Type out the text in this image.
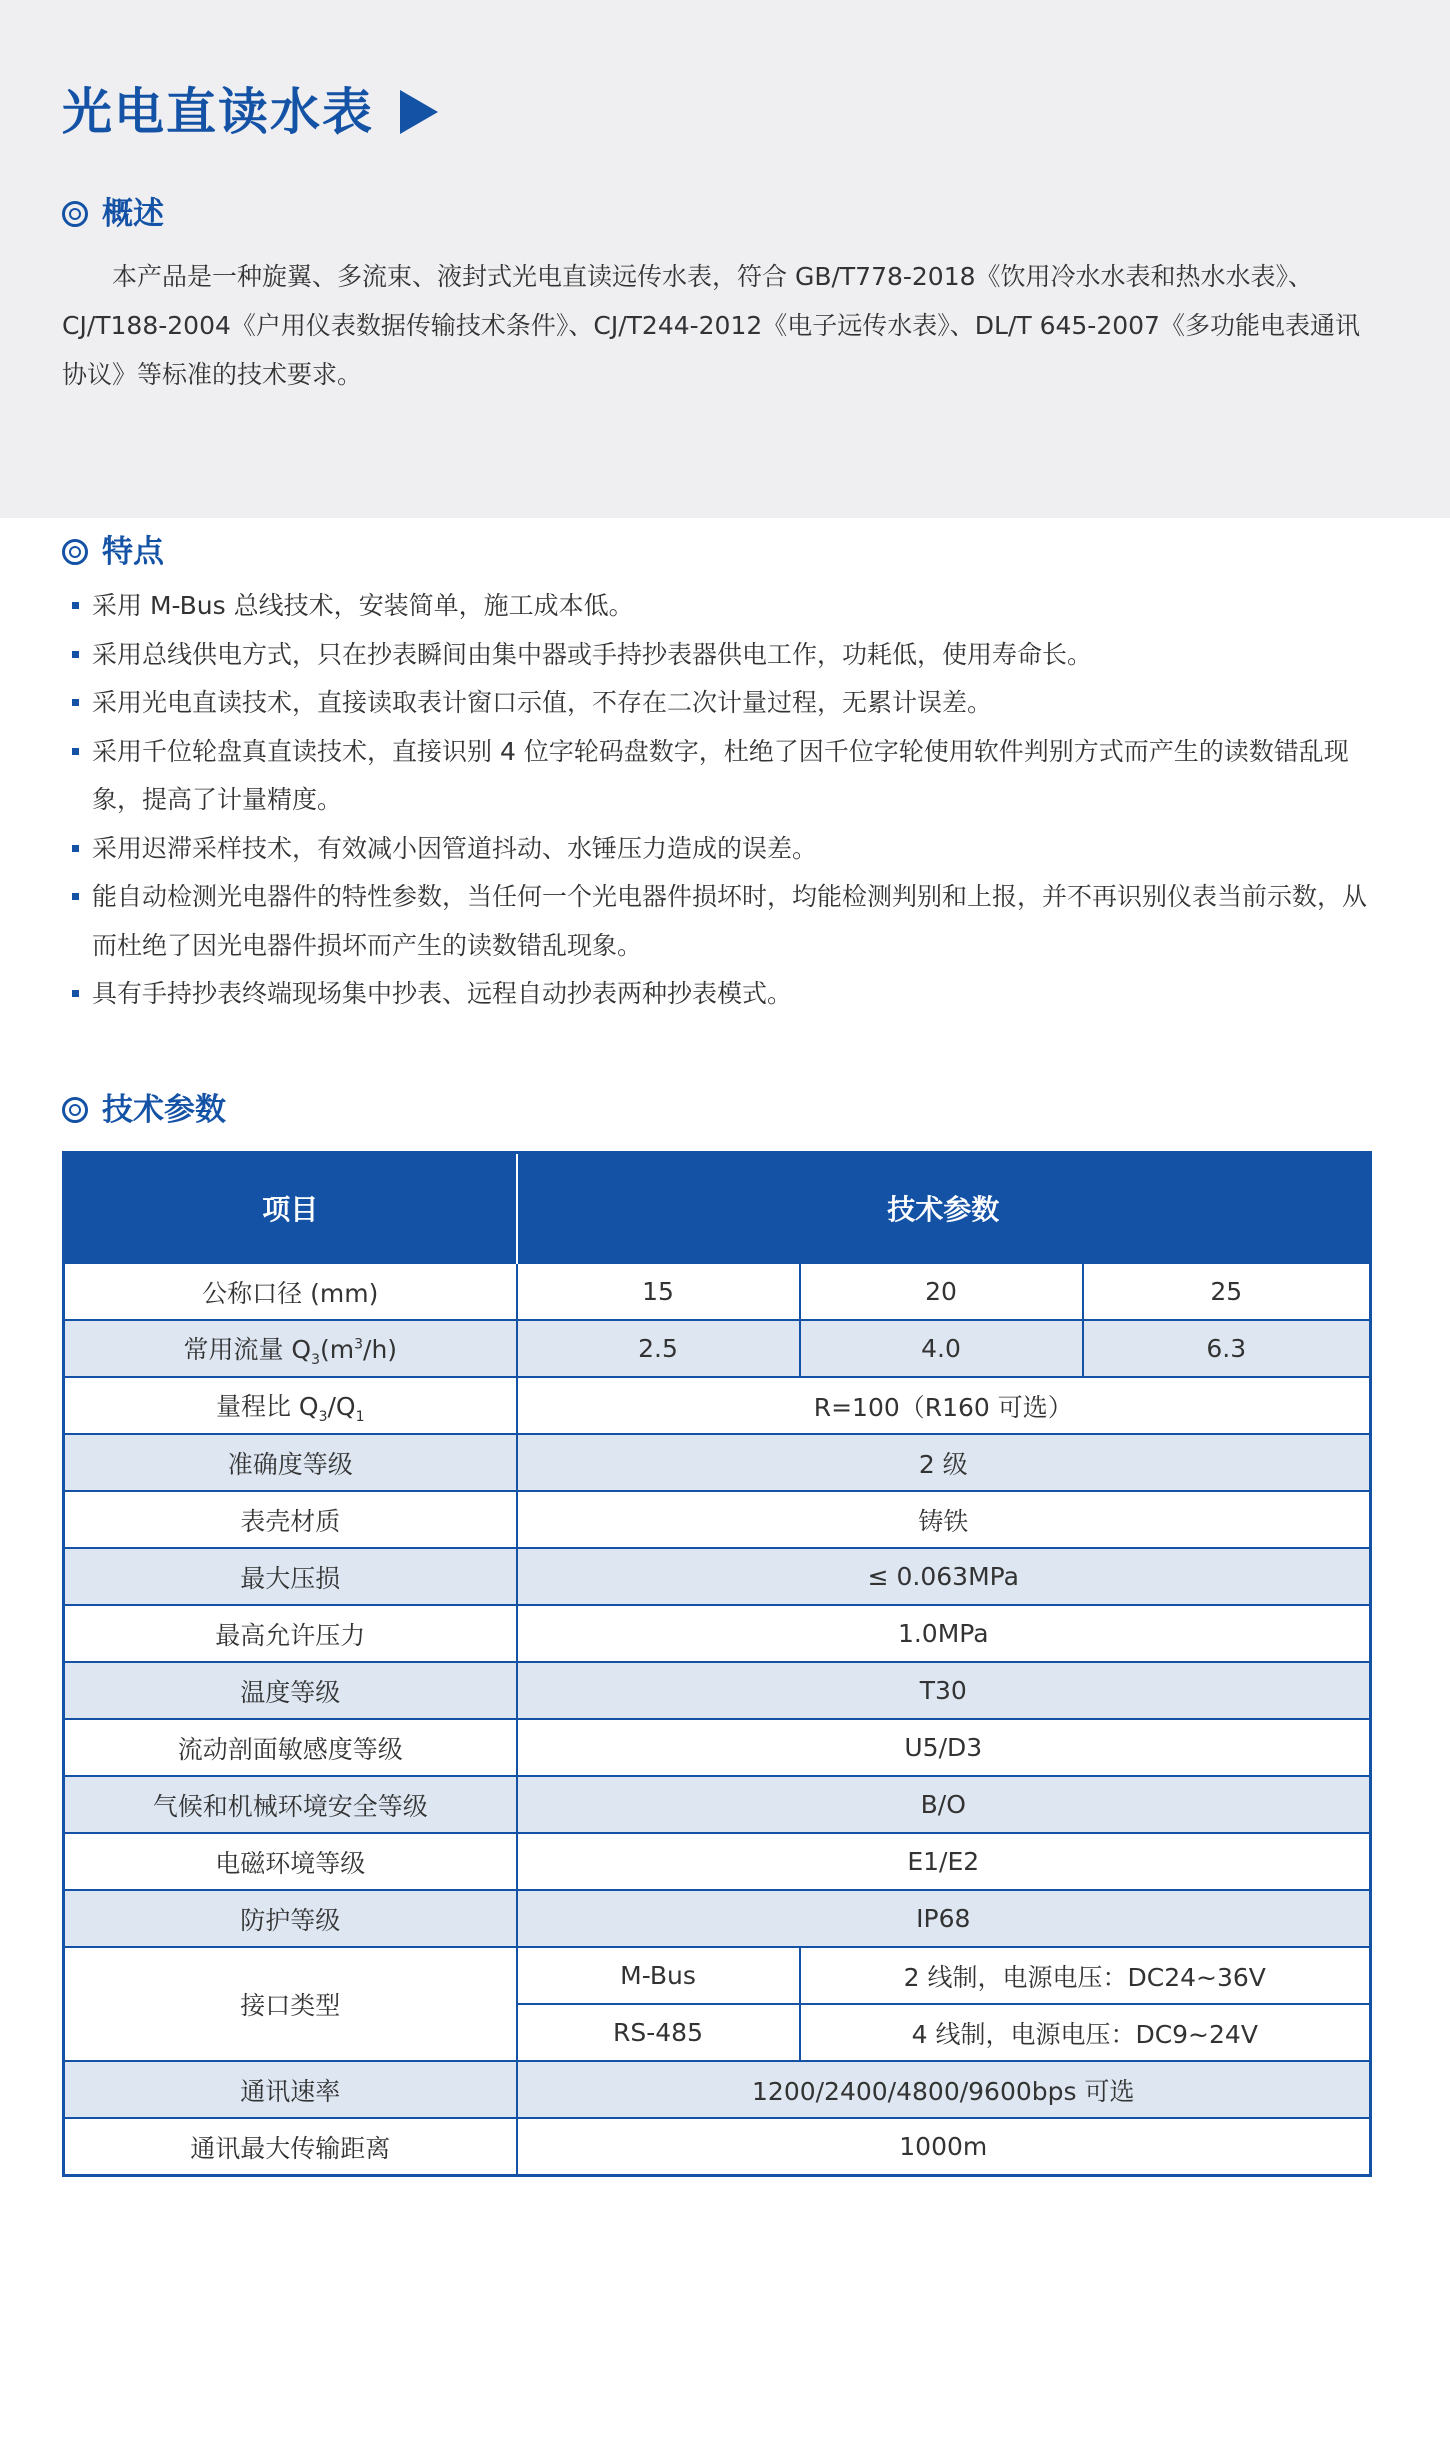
光电直读水表
概述

本产品是一种旋翼、多流束、液封式光电直读远传水表，符合 GB/T778-2018《饮用冷水水表和热水水表》、CJ/T188-2004《户用仪表数据传输技术条件》、CJ/T244-2012《电子远传水表》、DL/T 645-2007《多功能电表通讯协议》等标准的技术要求。

特点
采用 M-Bus 总线技术，安装简单，施工成本低。
采用总线供电方式，只在抄表瞬间由集中器或手持抄表器供电工作，功耗低，使用寿命长。
采用光电直读技术，直接读取表计窗口示值，不存在二次计量过程，无累计误差。
采用千位轮盘真直读技术，直接识别 4 位字轮码盘数字，杜绝了因千位字轮使用软件判别方式而产生的读数错乱现象，提高了计量精度。
采用迟滞采样技术，有效减小因管道抖动、水锤压力造成的误差。
能自动检测光电器件的特性参数，当任何一个光电器件损坏时，均能检测判别和上报，并不再识别仪表当前示数，从而杜绝了因光电器件损坏而产生的读数错乱现象。
具有手持抄表终端现场集中抄表、远程自动抄表两种抄表模式。
技术参数
项目	技术参数		
公称口径 (mm)	15	20	25
常用流量 $Q_3(m^3/h)$	2.5	4.0	6.3
量程比 $Q_3/Q_1$	R=100（R160 可选）		
准确度等级	2 级		
表壳材质	铸铁		
最大压损	≤ 0.063MPa		
最高允许压力	1.0MPa		
温度等级	T30		
流动剖面敏感度等级	U5/D3		
气候和机械环境安全等级	B/O		
电磁环境等级	E1/E2		
防护等级	IP68		
接口类型	M-Bus	2 线制，电源电压：DC24~36V	
	RS-485	4 线制，电源电压：DC9~24V	
通讯速率	1200/2400/4800/9600bps 可选		
通讯最大传输距离	1000m		
